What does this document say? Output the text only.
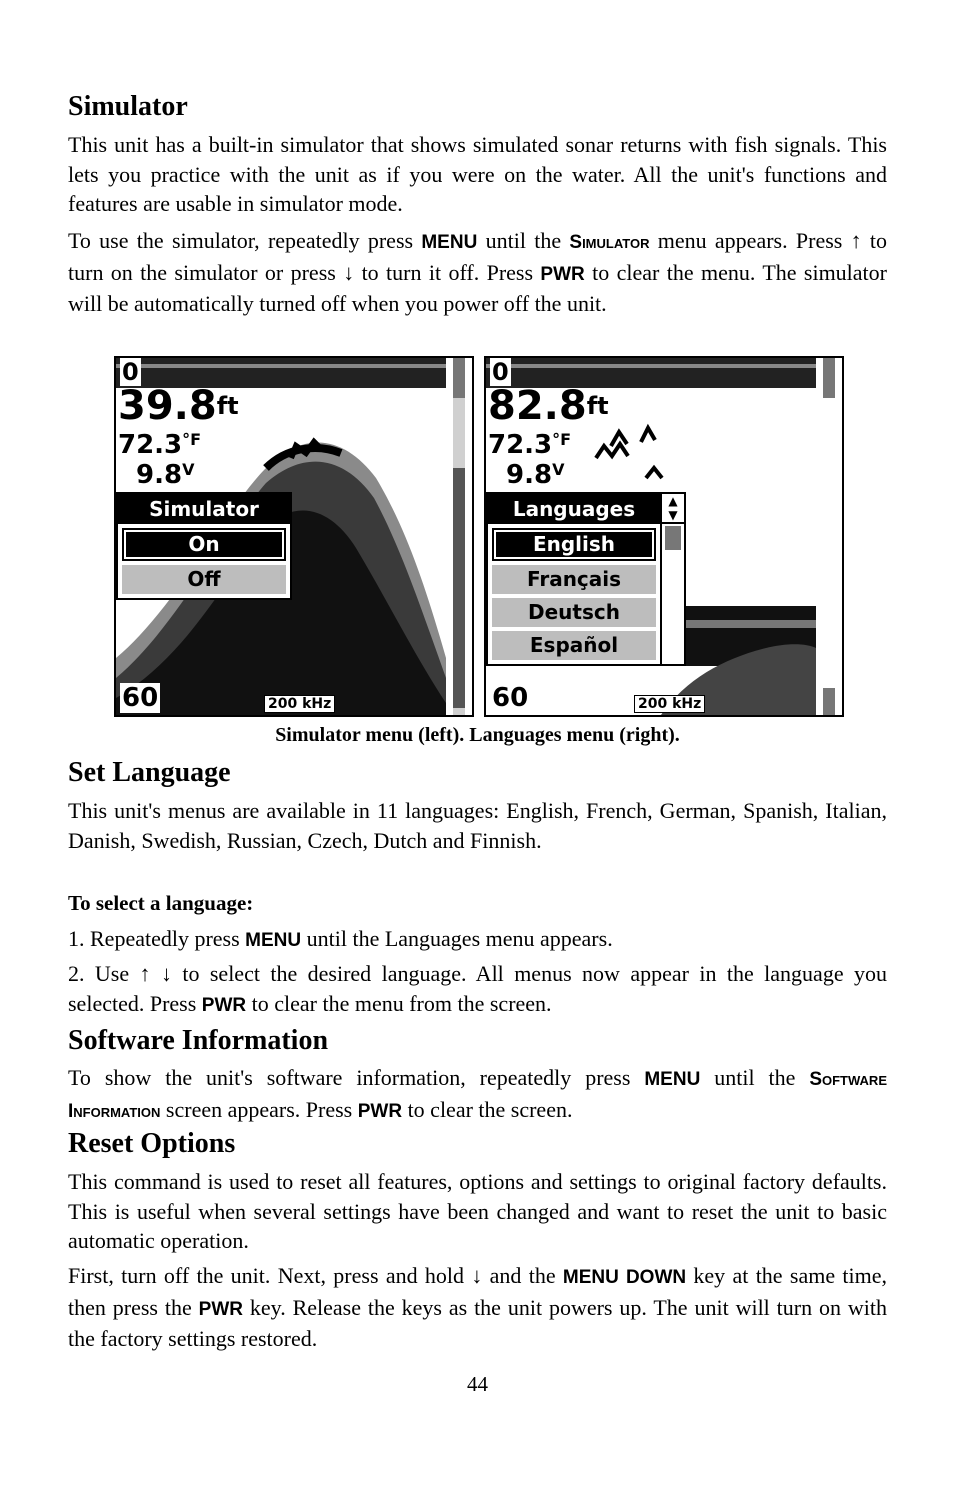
Simulator

This unit has a built-in simulator that shows simulated sonar returns with fish signals. This lets you practice with the unit as if you were on the water. All the unit's functions and features are usable in simulator mode.

To use the simulator, repeatedly press MENU until the Simulator menu appears. Press ↑ to turn on the simulator or press ↓ to turn it off. Press PWR to clear the menu. The simulator will be automatically turned off when you power off the unit.

0
$39.8^{ft}$
$72.3^{^\circ F}$
$9.8^V$
Simulator
On
Off
60	200 kHz
0
$82.8^{ft}$
$72.3^{^\circ F}$
$9.8^V$
Languages	▲
▼
English
Français
Deutsch
Español
60	200 kHz
Simulator menu (left). Languages menu (right).
Set Language

This unit's menus are available in 11 languages: English, French, German, Spanish, Italian, Danish, Swedish, Russian, Czech, Dutch and Finnish.

To select a language:

1. Repeatedly press MENU until the Languages menu appears.

2. Use ↑ ↓ to select the desired language. All menus now appear in the language you selected. Press PWR to clear the menu from the screen.

Software Information

To show the unit's software information, repeatedly press MENU until the Software Information screen appears. Press PWR to clear the screen.

Reset Options

This command is used to reset all features, options and settings to original factory defaults. This is useful when several settings have been changed and want to reset the unit to basic automatic operation.

First, turn off the unit. Next, press and hold ↓ and the MENU DOWN key at the same time, then press the PWR key. Release the keys as the unit powers up. The unit will turn on with the factory settings restored.

44
